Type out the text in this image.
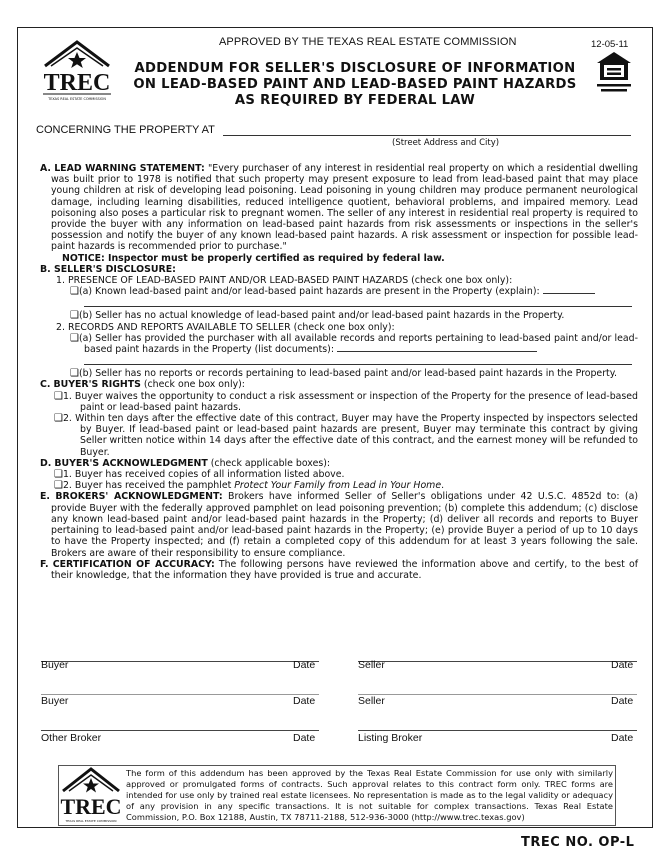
TREC
TEXAS REAL ESTATE COMMISSION
APPROVED BY THE TEXAS REAL ESTATE COMMISSION	12-05-11
ADDENDUM FOR SELLER'S DISCLOSURE OF INFORMATION
ON LEAD-BASED PAINT AND LEAD-BASED PAINT HAZARDS
AS REQUIRED BY FEDERAL LAW
CONCERNING THE PROPERTY AT
(Street Address and City)

A. LEAD WARNING STATEMENT: "Every purchaser of any interest in residential real property on which a residential dwelling was built prior to 1978 is notified that such property may present exposure to lead from lead-based paint that may place young children at risk of developing lead poisoning. Lead poisoning in young children may produce permanent neurological damage, including learning disabilities, reduced intelligence quotient, behavioral problems, and impaired memory. Lead poisoning also poses a particular risk to pregnant women. The seller of any interest in residential real property is required to provide the buyer with any information on lead-based paint hazards from risk assessments or inspections in the seller's possession and notify the buyer of any known lead-based paint hazards. A risk assessment or inspection for possible lead-paint hazards is recommended prior to purchase."

NOTICE: Inspector must be properly certified as required by federal law.

B. SELLER'S DISCLOSURE:

1. PRESENCE OF LEAD-BASED PAINT AND/OR LEAD-BASED PAINT HAZARDS (check one box only):

❑(a) Known lead-based paint and/or lead-based paint hazards are present in the Property (explain):

❑(b) Seller has no actual knowledge of lead-based paint and/or lead-based paint hazards in the Property.

2. RECORDS AND REPORTS AVAILABLE TO SELLER (check one box only):

❑(a) Seller has provided the purchaser with all available records and reports pertaining to lead-based paint and/or lead-based paint hazards in the Property (list documents):

❑(b) Seller has no reports or records pertaining to lead-based paint and/or lead-based paint hazards in the Property.

C. BUYER'S RIGHTS (check one box only):

❑1. Buyer waives the opportunity to conduct a risk assessment or inspection of the Property for the presence of lead-based paint or lead-based paint hazards.

❑2. Within ten days after the effective date of this contract, Buyer may have the Property inspected by inspectors selected by Buyer. If lead-based paint or lead-based paint hazards are present, Buyer may terminate this contract by giving Seller written notice within 14 days after the effective date of this contract, and the earnest money will be refunded to Buyer.

D. BUYER'S ACKNOWLEDGMENT (check applicable boxes):

❑1. Buyer has received copies of all information listed above.

❑2. Buyer has received the pamphlet Protect Your Family from Lead in Your Home.

E. BROKERS' ACKNOWLEDGMENT: Brokers have informed Seller of Seller's obligations under 42 U.S.C. 4852d to: (a) provide Buyer with the federally approved pamphlet on lead poisoning prevention; (b) complete this addendum; (c) disclose any known lead-based paint and/or lead-based paint hazards in the Property; (d) deliver all records and reports to Buyer pertaining to lead-based paint and/or lead-based paint hazards in the Property; (e) provide Buyer a period of up to 10 days to have the Property inspected; and (f) retain a completed copy of this addendum for at least 3 years following the sale. Brokers are aware of their responsibility to ensure compliance.

F. CERTIFICATION OF ACCURACY: The following persons have reviewed the information above and certify, to the best of their knowledge, that the information they have provided is true and accurate.

Buyer	Date	Seller	Date
Buyer	Date	Seller	Date
Other Broker	Date	Listing Broker	Date
TREC
TEXAS REAL ESTATE COMMISSION
The form of this addendum has been approved by the Texas Real Estate Commission for use only with similarly approved or promulgated forms of contracts. Such approval relates to this contract form only. TREC forms are intended for use only by trained real estate licensees. No representation is made as to the legal validity or adequacy of any provision in any specific transactions. It is not suitable for complex transactions. Texas Real Estate Commission, P.O. Box 12188, Austin, TX 78711-2188, 512-936-3000 (http://www.trec.texas.gov)
TREC NO. OP-L
